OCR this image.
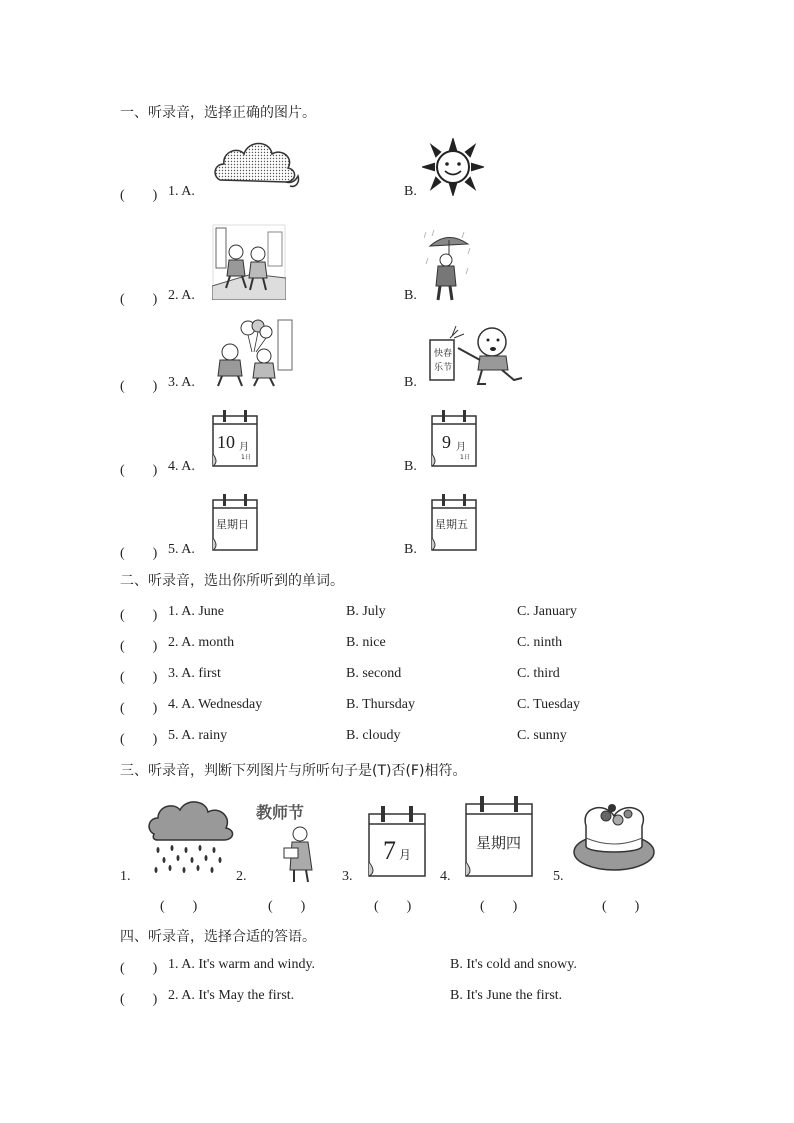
一、听录音，选择正确的图片。
(　　) 1. A.	B.
(　　) 2. A.	B.
(　　) 3. A.	B.
快春
乐节
(　　) 4. A.
10 月
1日
B.
9 月
1日
(　　) 5. A.
星期日
B.
星期五
二、听录音，选出你所听到的单词。
(　　) 1. A. June	B. July	C. January
(　　) 2. A. month	B. nice	C. ninth
(　　) 3. A. first	B. second	C. third
(　　) 4. A. Wednesday	B. Thursday	C. Tuesday
(　　) 5. A. rainy	B. cloudy	C. sunny
三、听录音，判断下列图片与所听句子是(T)否(F)相符。
1.
(　　)
2.
教师节
(　　)
3.
7 月
(　　)
4.
星期四
(　　)
5.
(　　)
四、听录音，选择合适的答语。
(　　) 1. A. It's warm and windy.	B. It's cold and snowy.
(　　) 2. A. It's May the first.	B. It's June the first.
